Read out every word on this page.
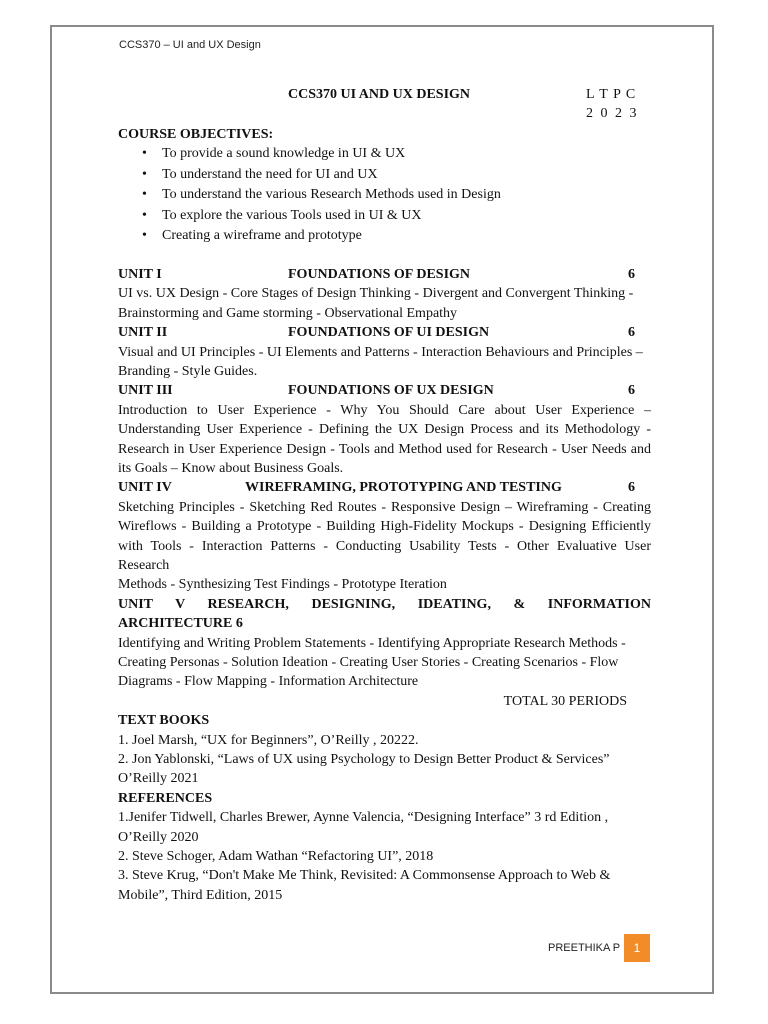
CCS370 – UI and UX Design
CCS370 UI AND UX DESIGN	L T P C
2 0 2 3
COURSE OBJECTIVES:
• To provide a sound knowledge in UI & UX
• To understand the need for UI and UX
• To understand the various Research Methods used in Design
• To explore the various Tools used in UI & UX
• Creating a wireframe and prototype
UNIT I	FOUNDATIONS OF DESIGN	6
UI vs. UX Design - Core Stages of Design Thinking - Divergent and Convergent Thinking -
Brainstorming and Game storming - Observational Empathy
UNIT II	FOUNDATIONS OF UI DESIGN	6
Visual and UI Principles - UI Elements and Patterns - Interaction Behaviours and Principles –
Branding - Style Guides.
UNIT III	FOUNDATIONS OF UX DESIGN	6
Introduction to User Experience - Why You Should Care about User Experience –
Understanding User Experience - Defining the UX Design Process and its Methodology -
Research in User Experience Design - Tools and Method used for Research - User Needs and
its Goals – Know about Business Goals.
UNIT IV	WIREFRAMING, PROTOTYPING AND TESTING	6
Sketching Principles - Sketching Red Routes - Responsive Design – Wireframing - Creating
Wireflows - Building a Prototype - Building High-Fidelity Mockups - Designing Efficiently
with Tools - Interaction Patterns - Conducting Usability Tests - Other Evaluative User Research
Methods - Synthesizing Test Findings - Prototype Iteration
UNIT V RESEARCH, DESIGNING, IDEATING, & INFORMATION
ARCHITECTURE 6
Identifying and Writing Problem Statements - Identifying Appropriate Research Methods -
Creating Personas - Solution Ideation - Creating User Stories - Creating Scenarios - Flow
Diagrams - Flow Mapping - Information Architecture
TOTAL 30 PERIODS
TEXT BOOKS
1. Joel Marsh, “UX for Beginners”, O’Reilly , 20222.
2. Jon Yablonski, “Laws of UX using Psychology to Design Better Product & Services”
O’Reilly 2021
REFERENCES
1.Jenifer Tidwell, Charles Brewer, Aynne Valencia, “Designing Interface” 3 rd Edition ,
O’Reilly 2020
2. Steve Schoger, Adam Wathan “Refactoring UI”, 2018
3. Steve Krug, “Don't Make Me Think, Revisited: A Commonsense Approach to Web &
Mobile”, Third Edition, 2015
PREETHIKA P	1
